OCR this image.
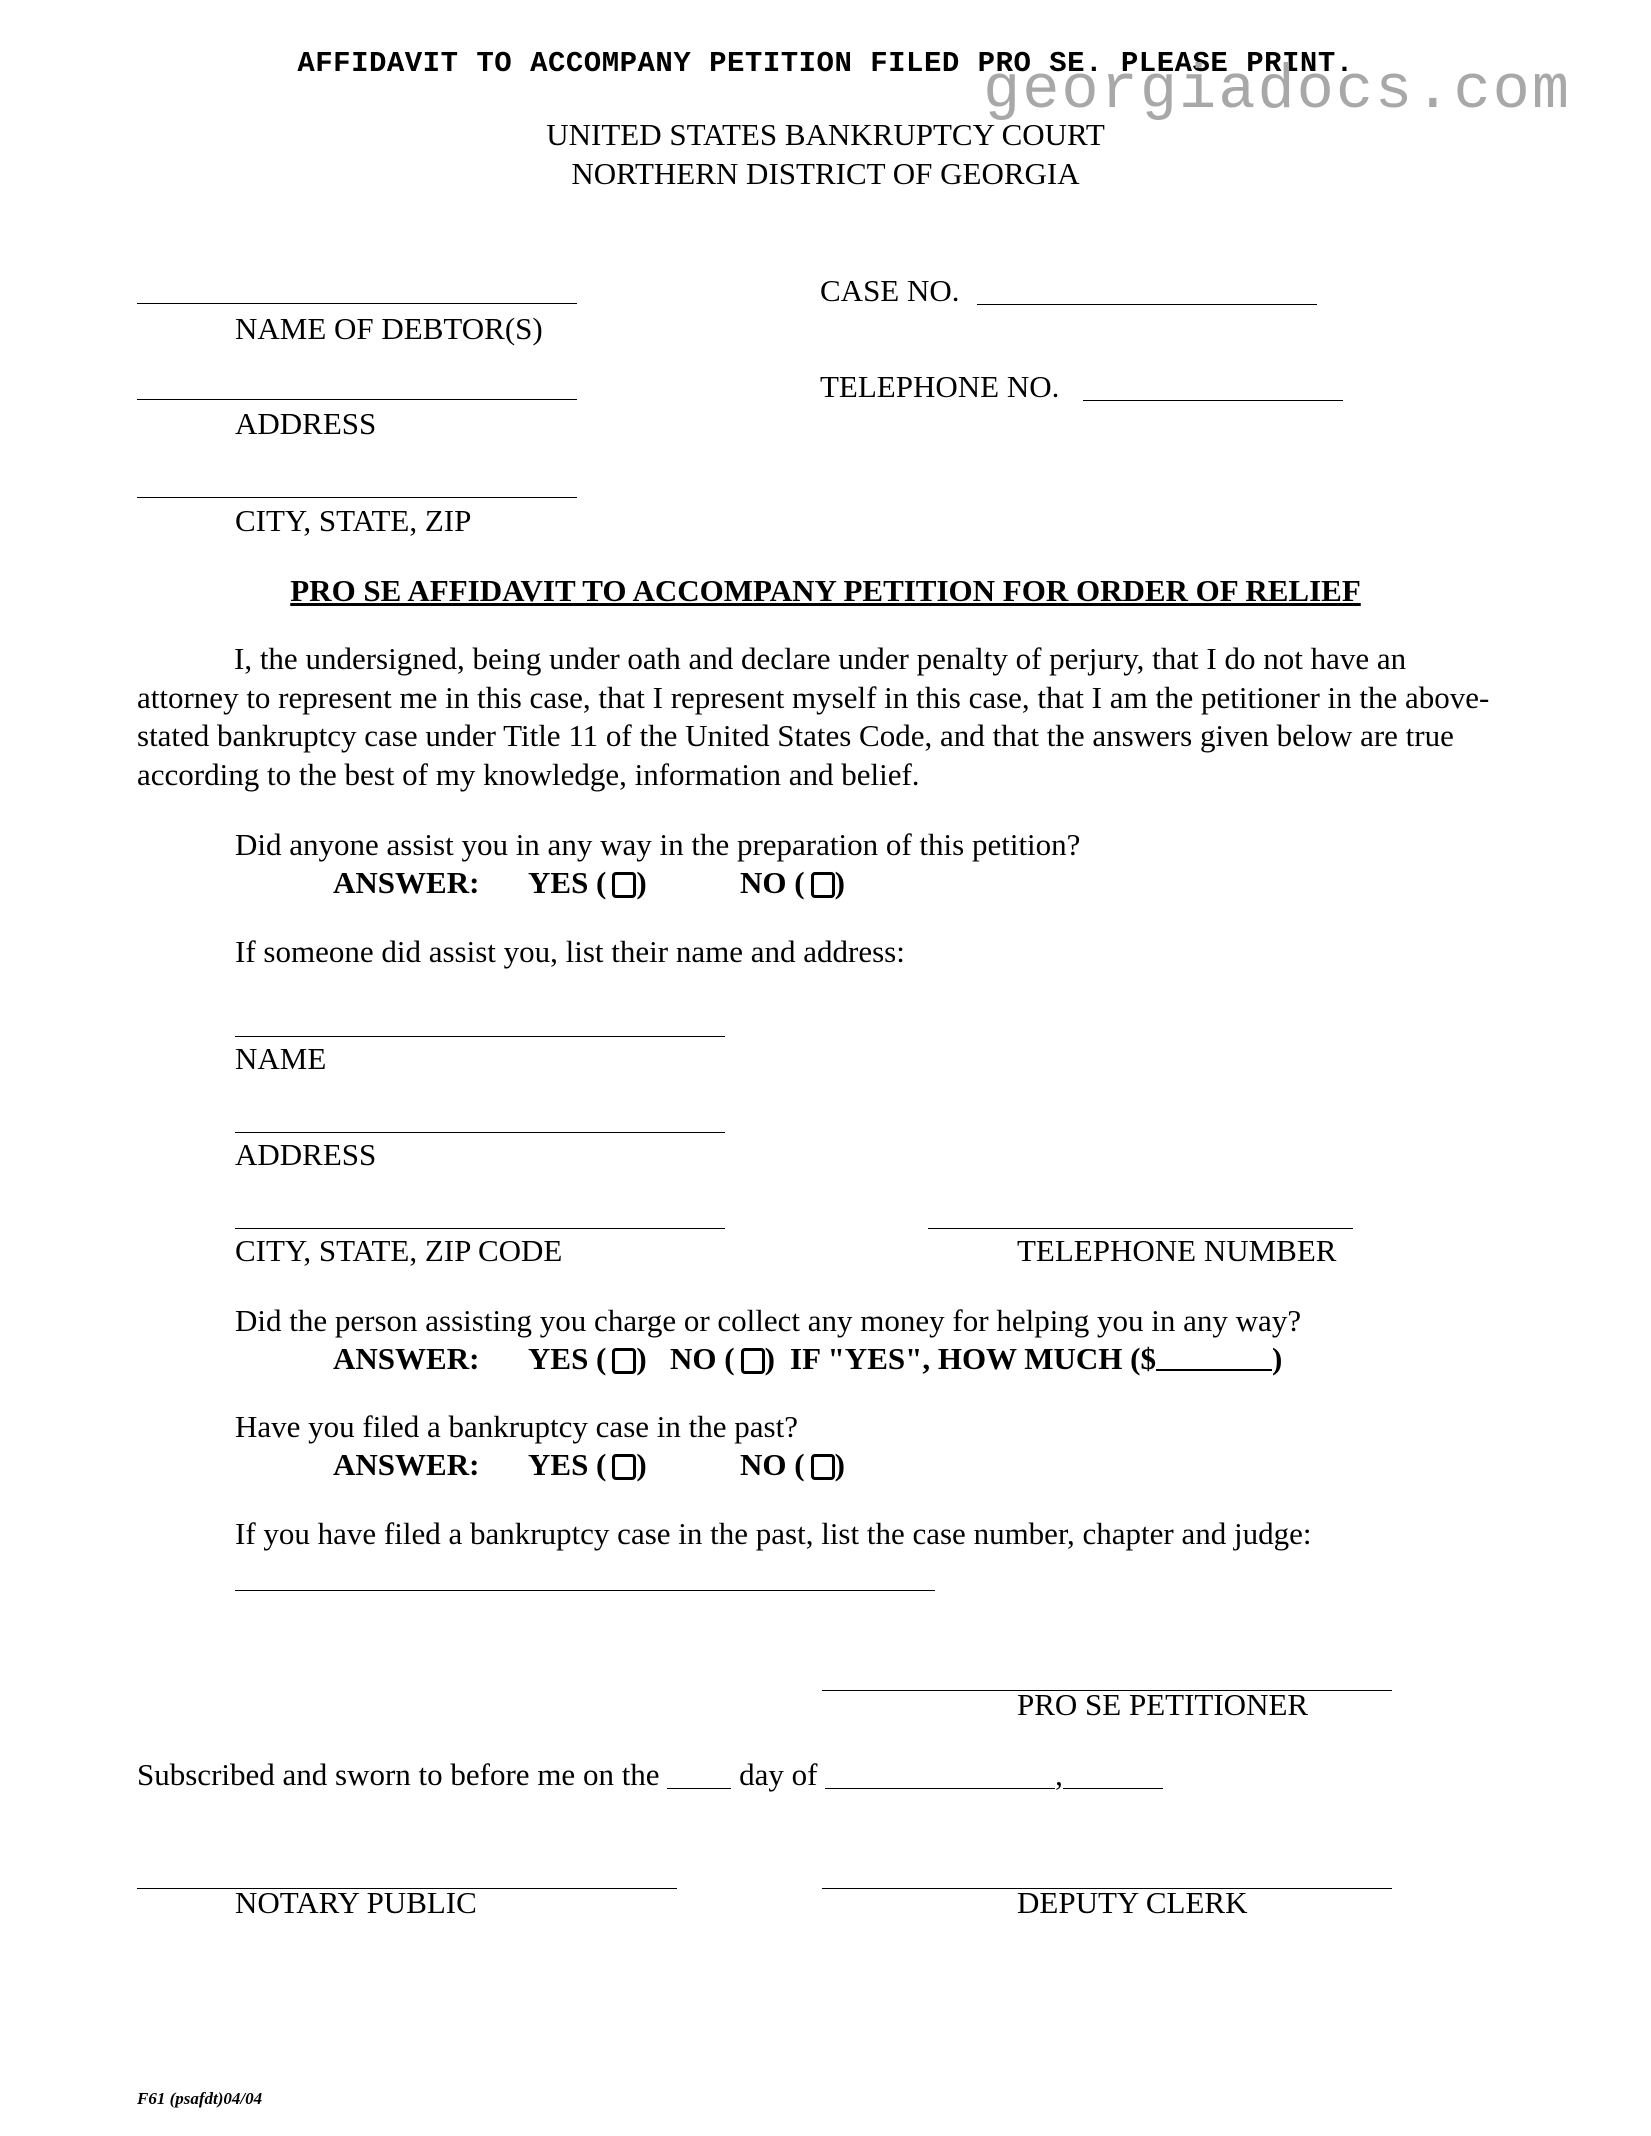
AFFIDAVIT TO ACCOMPANY PETITION FILED PRO SE. PLEASE PRINT.
georgiadocs.com
UNITED STATES BANKRUPTCY COURT
NORTHERN DISTRICT OF GEORGIA
NAME OF DEBTOR(S)
ADDRESS
CITY, STATE, ZIP
CASE NO.
TELEPHONE NO.
PRO SE AFFIDAVIT TO ACCOMPANY PETITION FOR ORDER OF RELIEF
I, the undersigned, being under oath and declare under penalty of perjury, that I do not have an attorney to represent me in this case, that I represent myself in this case, that I am the petitioner in the above-stated bankruptcy case under Title 11 of the United States Code, and that the answers given below are true according to the best of my knowledge, information and belief.
Did anyone assist you in any way in the preparation of this petition?
ANSWER: YES ( )	NO ( )
If someone did assist you, list their name and address:
NAME
ADDRESS
CITY, STATE, ZIP CODE	TELEPHONE NUMBER
Did the person assisting you charge or collect any money for helping you in any way?
ANSWER: YES ( ) NO ( ) IF "YES", HOW MUCH ($	)
Have you filed a bankruptcy case in the past?
ANSWER: YES ( )	NO ( )
If you have filed a bankruptcy case in the past, list the case number, chapter and judge:
PRO SE PETITIONER
Subscribed and sworn to before me on the	day of	,
NOTARY PUBLIC	DEPUTY CLERK
F61 (psafdt)04/04
